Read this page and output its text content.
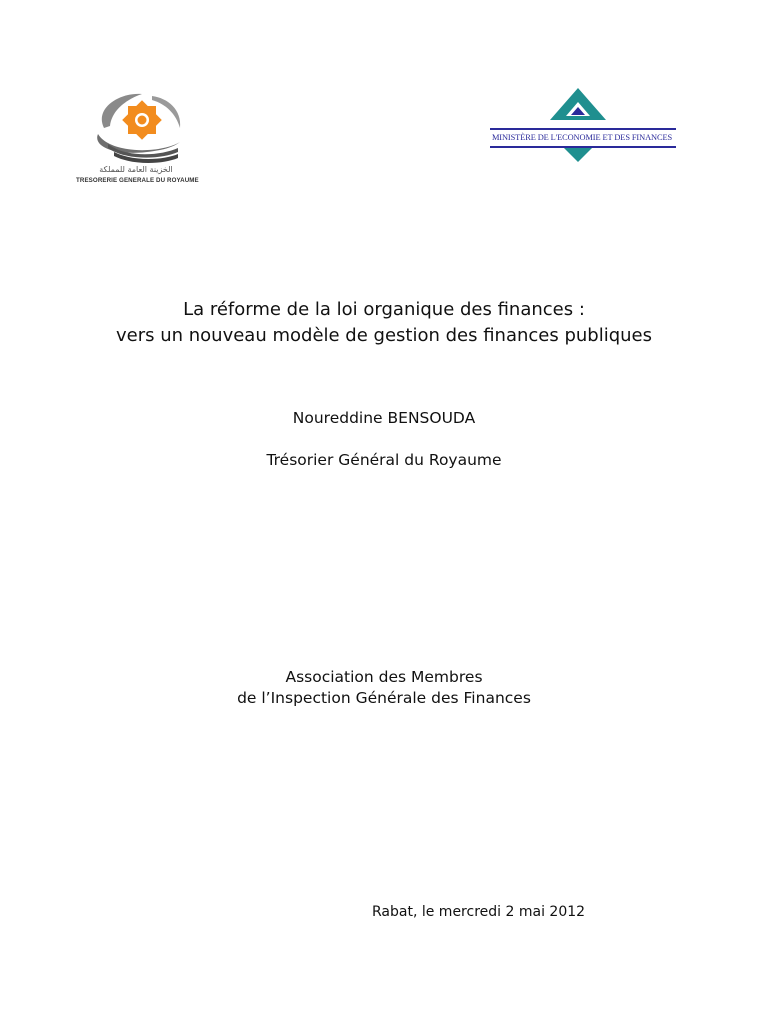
الخزينة العامة للمملكة
TRESORERIE GENERALE DU ROYAUME
MINISTÈRE DE L'ECONOMIE ET DES FINANCES
La réforme de la loi organique des finances :
vers un nouveau modèle de gestion des finances publiques
Noureddine BENSOUDA
Trésorier Général du Royaume
Association des Membres
de l’Inspection Générale des Finances
Rabat, le mercredi 2 mai 2012
